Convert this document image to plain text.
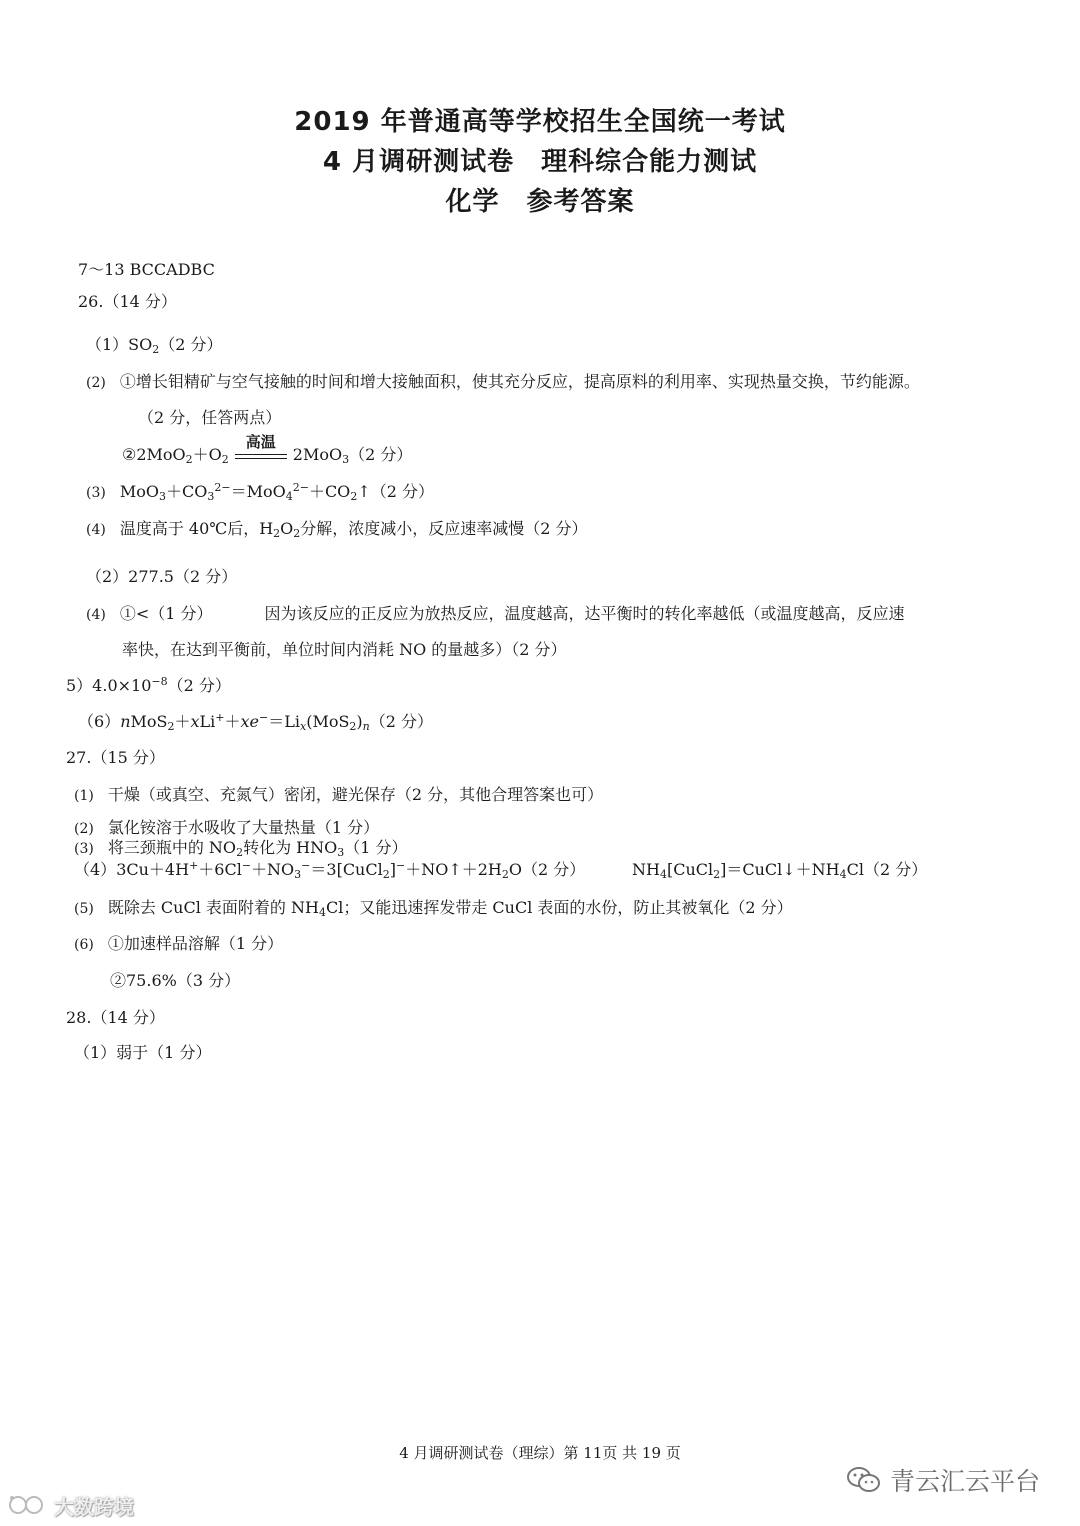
2019 年普通高等学校招生全国统一考试
4 月调研测试卷　理科综合能力测试
化学　参考答案
7～13 BCCADBC
26.（14 分）
$(1)SO_2(2$ 分）
(2) ①增长钼精矿与空气接触的时间和增大接触面积，使其充分反应，提高原料的利用率、实现热量交换，节约能源。
（2 分，任答两点）
$②2MoO_2+O_2$
高温
2MoO$_3$（2 分）
(3) $MoO_3+CO_3^{2-}=MoO_4^{2-}+CO_2↑(2$ 分）
(4) 温度高于 40℃后，$H_2O_2$分解，浓度减小，反应速率减慢（2 分）
（2）277.5（2 分）
(4) ①<（1 分）	因为该反应的正反应为放热反应，温度越高，达平衡时的转化率越低（或温度越高，反应速
率快，在达到平衡前，单位时间内消耗 NO 的量越多）（2 分）
$5)4.0\times 10^{-8}(2$ 分）
$(6)nMoS_2+xLi^++xe^-=Li_x(MoS_2)_n(2$ 分）
27.（15 分）
(1) 干燥（或真空、充氮气）密闭，避光保存（2 分，其他合理答案也可）
(2) 氯化铵溶于水吸收了大量热量（1 分）
(3) 将三颈瓶中的 $NO_2$转化为 $HNO_3(1$ 分）
$(4)3Cu+4H^++6Cl^-+NO_3^-=3[CuCl_2]^-+NO↑+2H_2O(2$ 分）	$NH_4[CuCl_2]=CuCl↓+NH_4Cl(2$ 分）
(5) 既除去 CuCl 表面附着的 $NH_4Cl$；又能迅速挥发带走 CuCl 表面的水份，防止其被氧化（2 分）
(6) ①加速样品溶解（1 分）
②75.6%（3 分）
28.（14 分）
（1）弱于（1 分）
4 月调研测试卷（理综）第 11页 共 19 页
青云汇云平台
大数跨境
